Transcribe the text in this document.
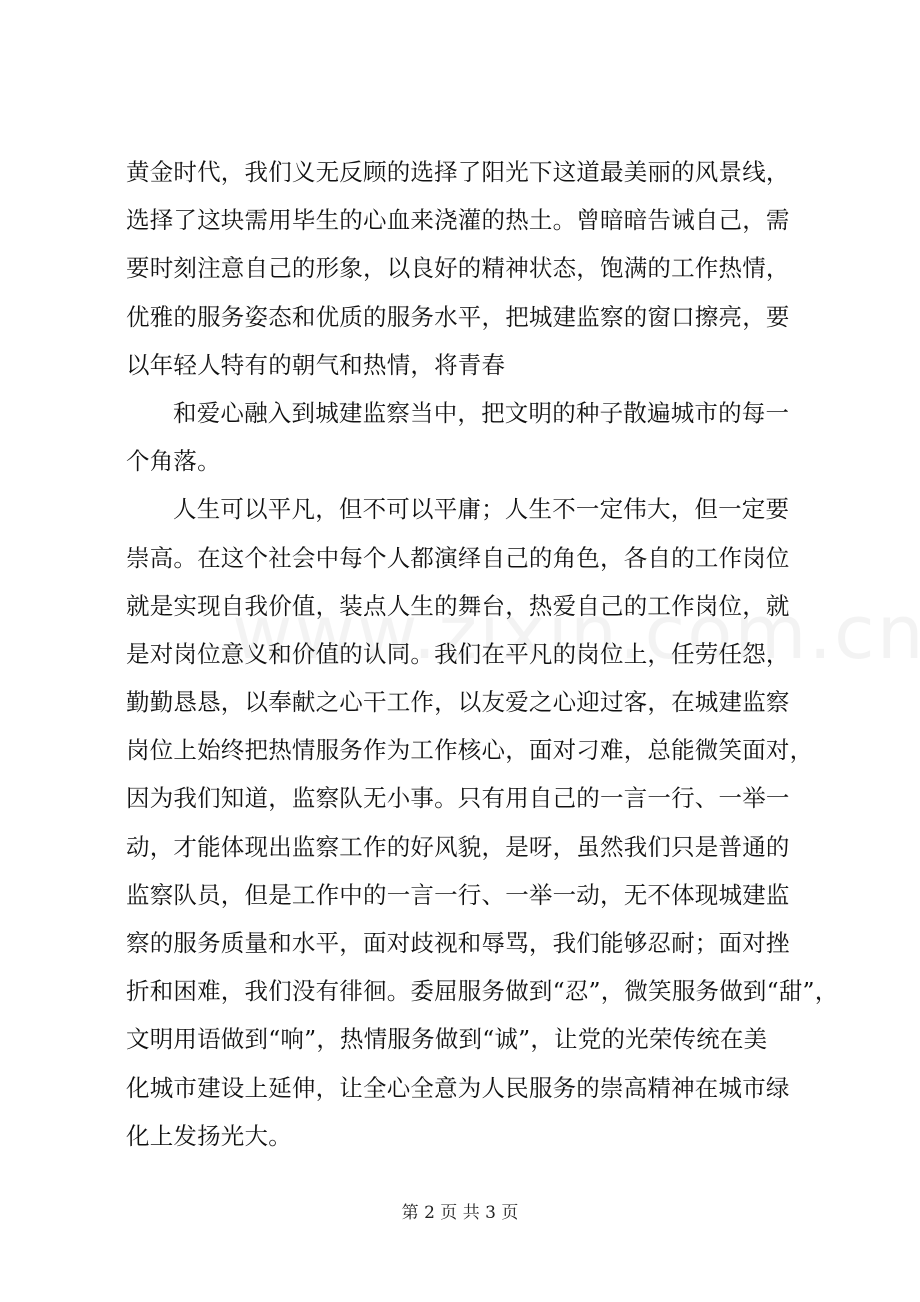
黄金时代，我们义无反顾的选择了阳光下这道最美丽的风景线，
选择了这块需用毕生的心血来浇灌的热土。曾暗暗告诫自己，需
要时刻注意自己的形象，以良好的精神状态，饱满的工作热情，
优雅的服务姿态和优质的服务水平，把城建监察的窗口擦亮，要
以年轻人特有的朝气和热情，将青春
和爱心融入到城建监察当中，把文明的种子散遍城市的每一
个角落。
人生可以平凡，但不可以平庸；人生不一定伟大，但一定要
崇高。在这个社会中每个人都演绎自己的角色，各自的工作岗位
就是实现自我价值，装点人生的舞台，热爱自己的工作岗位，就
是对岗位意义和价值的认同。我们在平凡的岗位上，任劳任怨，
勤勤恳恳，以奉献之心干工作，以友爱之心迎过客，在城建监察
岗位上始终把热情服务作为工作核心，面对刁难，总能微笑面对，
因为我们知道，监察队无小事。只有用自己的一言一行、一举一
动，才能体现出监察工作的好风貌，是呀，虽然我们只是普通的
监察队员，但是工作中的一言一行、一举一动，无不体现城建监
察的服务质量和水平，面对歧视和辱骂，我们能够忍耐；面对挫
折和困难，我们没有徘徊。委屈服务做到“忍”，微笑服务做到“甜”，
文明用语做到“响”，热情服务做到“诚”，让党的光荣传统在美
化城市建设上延伸，让全心全意为人民服务的崇高精神在城市绿
化上发扬光大。
第 2 页 共 3 页
